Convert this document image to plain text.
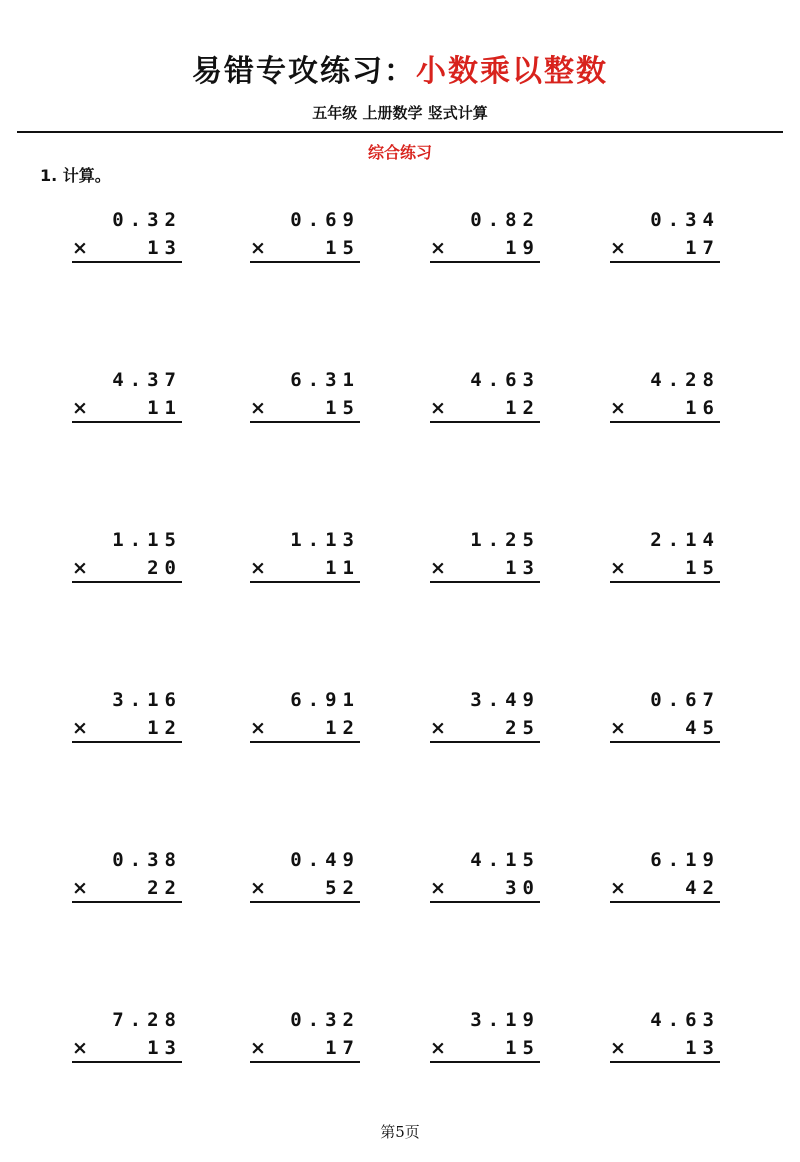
易错专攻练习：小数乘以整数
五年级 上册数学 竖式计算
综合练习
1. 计算。
0.32
×	13
0.69
×	15
0.82
×	19
0.34
×	17
4.37
×	11
6.31
×	15
4.63
×	12
4.28
×	16
1.15
×	20
1.13
×	11
1.25
×	13
2.14
×	15
3.16
×	12
6.91
×	12
3.49
×	25
0.67
×	45
0.38
×	22
0.49
×	52
4.15
×	30
6.19
×	42
7.28
×	13
0.32
×	17
3.19
×	15
4.63
×	13
第5页
